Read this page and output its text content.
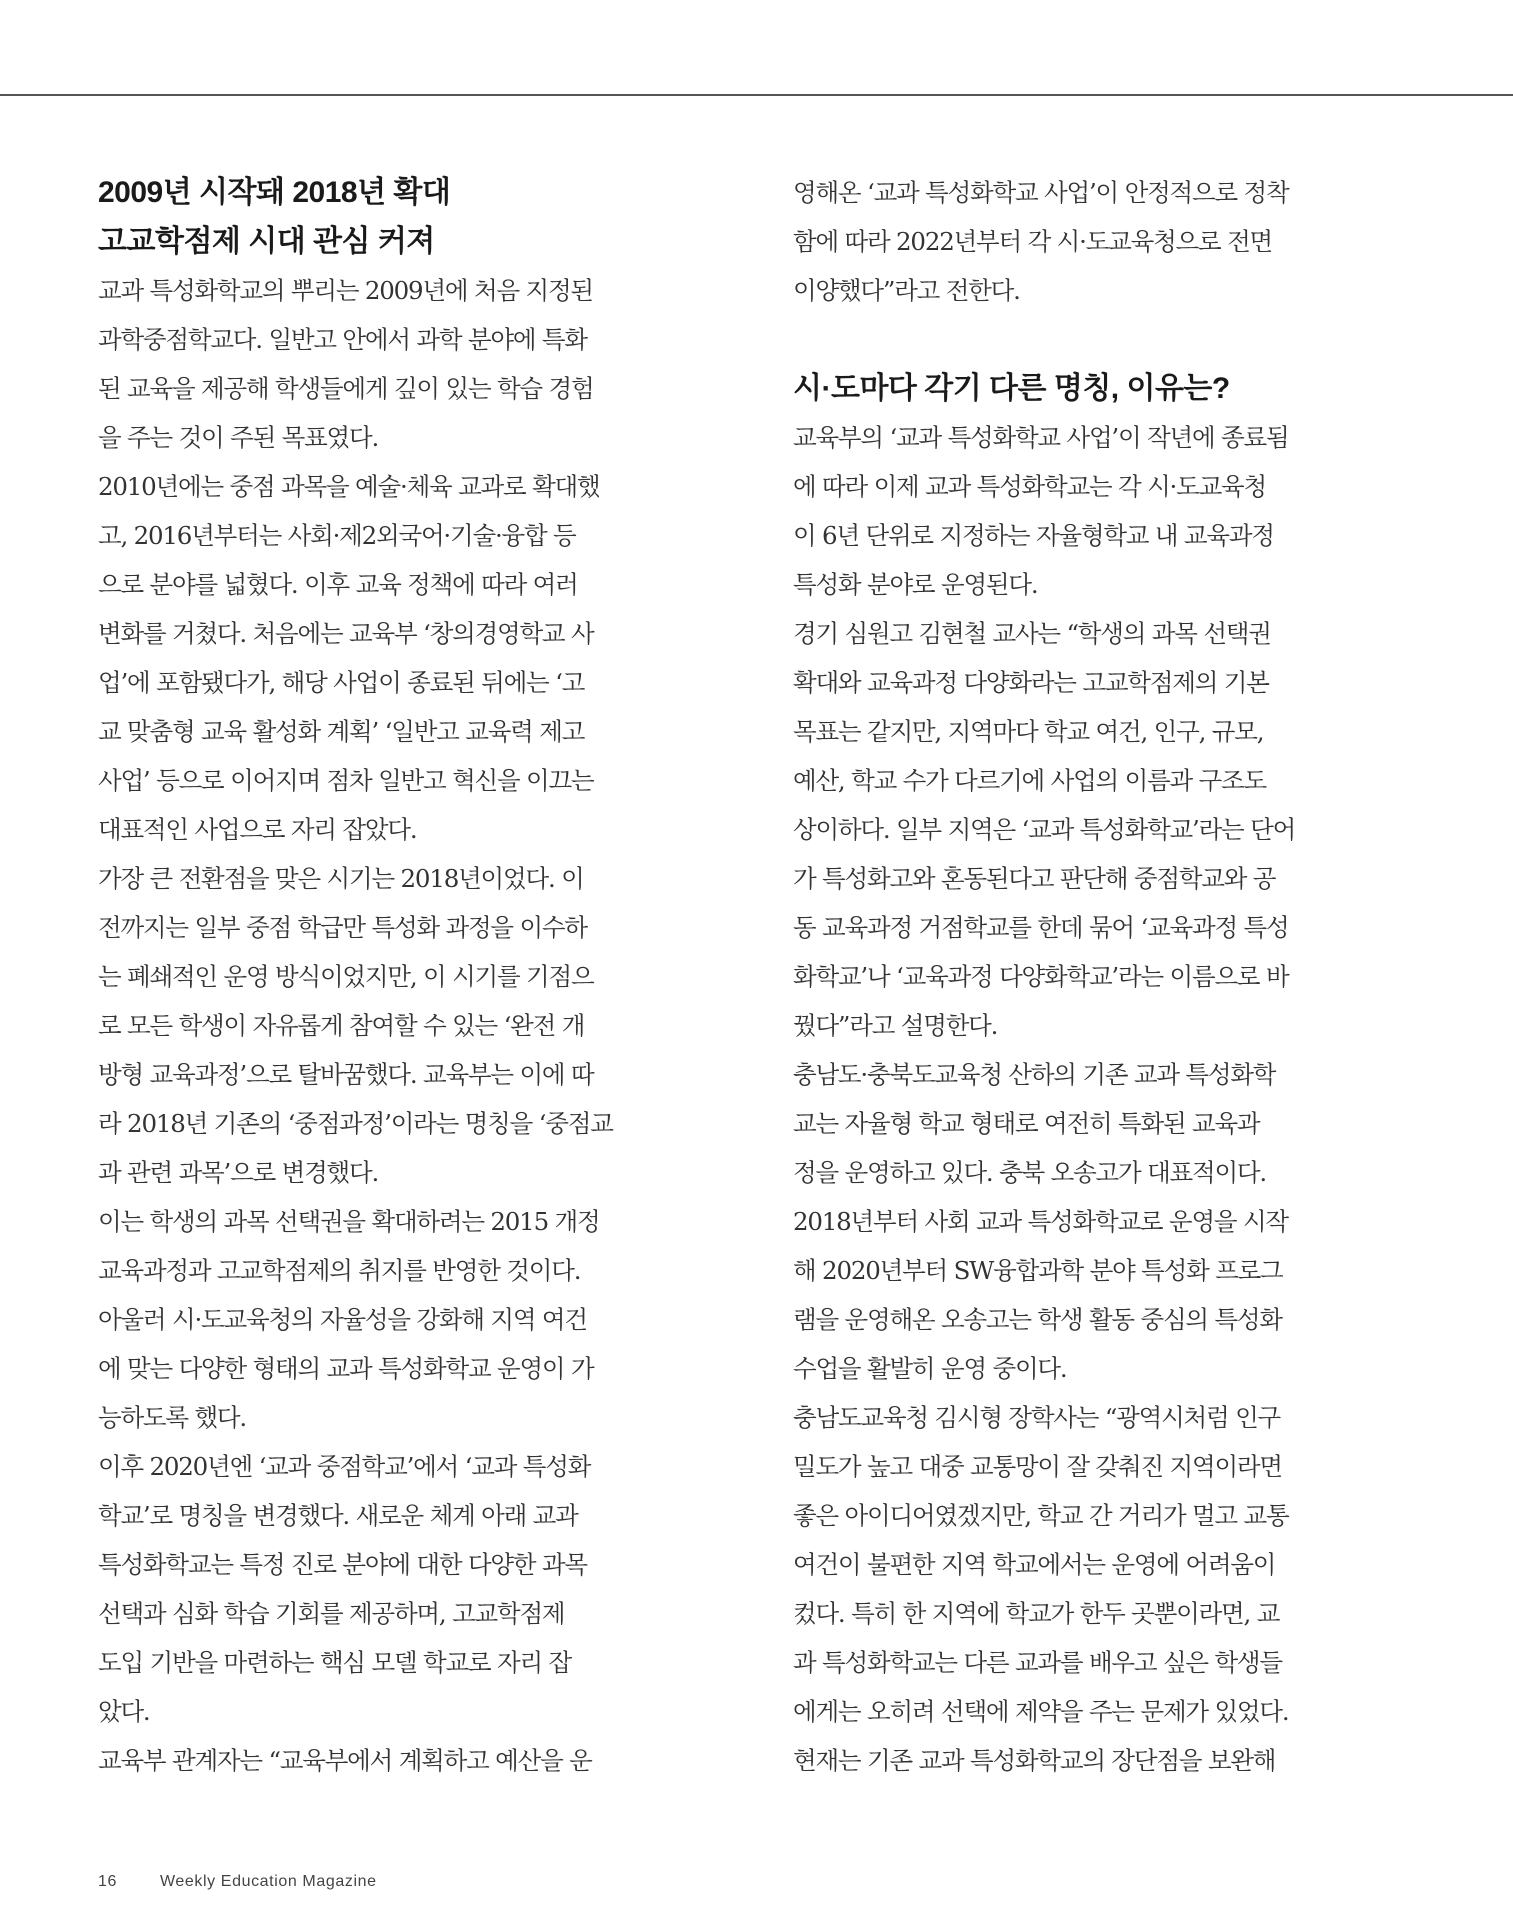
2009년 시작돼 2018년 확대
고교학점제 시대 관심 커져

교과 특성화학교의 뿌리는 2009년에 처음 지정된
과학중점학교다. 일반고 안에서 과학 분야에 특화
된 교육을 제공해 학생들에게 깊이 있는 학습 경험
을 주는 것이 주된 목표였다.

2010년에는 중점 과목을 예술·체육 교과로 확대했
고, 2016년부터는 사회·제2외국어·기술·융합 등
으로 분야를 넓혔다. 이후 교육 정책에 따라 여러
변화를 거쳤다. 처음에는 교육부 ‘창의경영학교 사
업’에 포함됐다가, 해당 사업이 종료된 뒤에는 ‘고
교 맞춤형 교육 활성화 계획’ ‘일반고 교육력 제고
사업’ 등으로 이어지며 점차 일반고 혁신을 이끄는
대표적인 사업으로 자리 잡았다.

가장 큰 전환점을 맞은 시기는 2018년이었다. 이
전까지는 일부 중점 학급만 특성화 과정을 이수하
는 폐쇄적인 운영 방식이었지만, 이 시기를 기점으
로 모든 학생이 자유롭게 참여할 수 있는 ‘완전 개
방형 교육과정’으로 탈바꿈했다. 교육부는 이에 따
라 2018년 기존의 ‘중점과정’이라는 명칭을 ‘중점교
과 관련 과목’으로 변경했다.

이는 학생의 과목 선택권을 확대하려는 2015 개정
교육과정과 고교학점제의 취지를 반영한 것이다.
아울러 시·도교육청의 자율성을 강화해 지역 여건
에 맞는 다양한 형태의 교과 특성화학교 운영이 가
능하도록 했다.

이후 2020년엔 ‘교과 중점학교’에서 ‘교과 특성화
학교’로 명칭을 변경했다. 새로운 체계 아래 교과
특성화학교는 특정 진로 분야에 대한 다양한 과목
선택과 심화 학습 기회를 제공하며, 고교학점제
도입 기반을 마련하는 핵심 모델 학교로 자리 잡
았다.

교육부 관계자는 “교육부에서 계획하고 예산을 운

영해온 ‘교과 특성화학교 사업’이 안정적으로 정착
함에 따라 2022년부터 각 시·도교육청으로 전면
이양했다”라고 전한다.

시·도마다 각기 다른 명칭, 이유는?

교육부의 ‘교과 특성화학교 사업’이 작년에 종료됨
에 따라 이제 교과 특성화학교는 각 시·도교육청
이 6년 단위로 지정하는 자율형학교 내 교육과정
특성화 분야로 운영된다.

경기 심원고 김현철 교사는 “학생의 과목 선택권
확대와 교육과정 다양화라는 고교학점제의 기본
목표는 같지만, 지역마다 학교 여건, 인구, 규모,
예산, 학교 수가 다르기에 사업의 이름과 구조도
상이하다. 일부 지역은 ‘교과 특성화학교’라는 단어
가 특성화고와 혼동된다고 판단해 중점학교와 공
동 교육과정 거점학교를 한데 묶어 ‘교육과정 특성
화학교’나 ‘교육과정 다양화학교’라는 이름으로 바
꿨다”라고 설명한다.

충남도·충북도교육청 산하의 기존 교과 특성화학
교는 자율형 학교 형태로 여전히 특화된 교육과
정을 운영하고 있다. 충북 오송고가 대표적이다.
2018년부터 사회 교과 특성화학교로 운영을 시작
해 2020년부터 SW융합과학 분야 특성화 프로그
램을 운영해온 오송고는 학생 활동 중심의 특성화
수업을 활발히 운영 중이다.

충남도교육청 김시형 장학사는 “광역시처럼 인구
밀도가 높고 대중 교통망이 잘 갖춰진 지역이라면
좋은 아이디어였겠지만, 학교 간 거리가 멀고 교통
여건이 불편한 지역 학교에서는 운영에 어려움이
컸다. 특히 한 지역에 학교가 한두 곳뿐이라면, 교
과 특성화학교는 다른 교과를 배우고 싶은 학생들
에게는 오히려 선택에 제약을 주는 문제가 있었다.
현재는 기존 교과 특성화학교의 장단점을 보완해

16	Weekly Education Magazine
